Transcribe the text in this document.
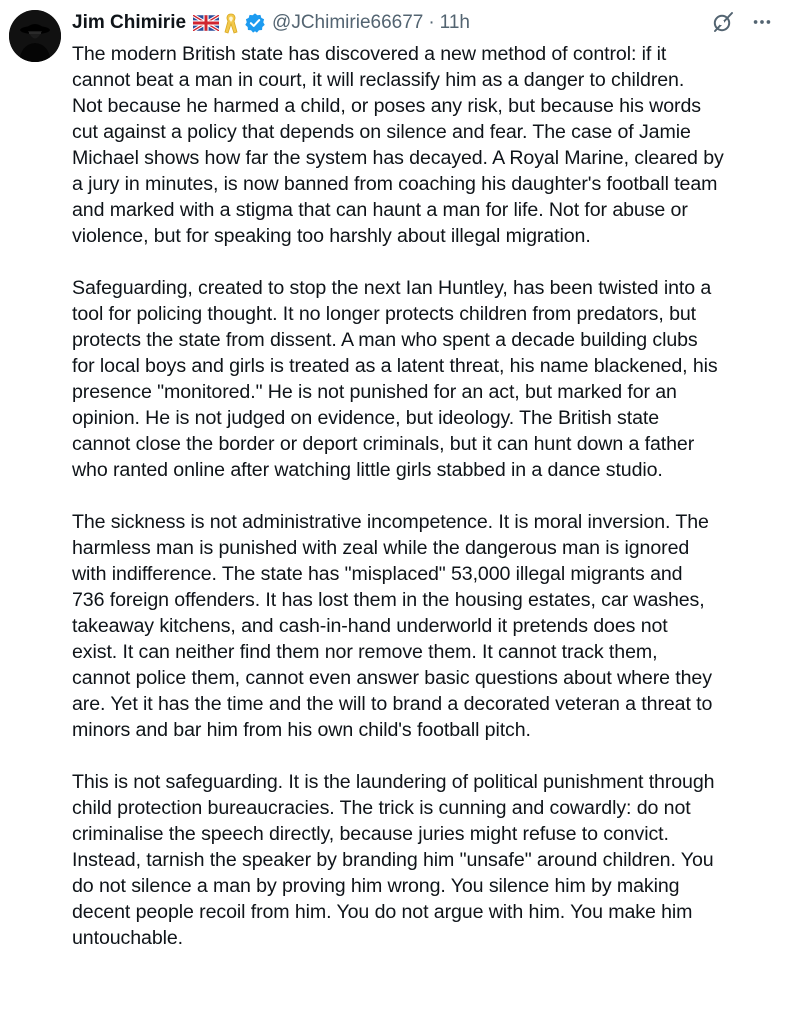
Jim Chimirie	@JChimirie66677 · 11h

The modern British state has discovered a new method of control: if it
cannot beat a man in court, it will reclassify him as a danger to children.
Not because he harmed a child, or poses any risk, but because his words
cut against a policy that depends on silence and fear. The case of Jamie
Michael shows how far the system has decayed. A Royal Marine, cleared by
a jury in minutes, is now banned from coaching his daughter's football team
and marked with a stigma that can haunt a man for life. Not for abuse or
violence, but for speaking too harshly about illegal migration.

Safeguarding, created to stop the next Ian Huntley, has been twisted into a
tool for policing thought. It no longer protects children from predators, but
protects the state from dissent. A man who spent a decade building clubs
for local boys and girls is treated as a latent threat, his name blackened, his
presence "monitored." He is not punished for an act, but marked for an
opinion. He is not judged on evidence, but ideology. The British state
cannot close the border or deport criminals, but it can hunt down a father
who ranted online after watching little girls stabbed in a dance studio.

The sickness is not administrative incompetence. It is moral inversion. The
harmless man is punished with zeal while the dangerous man is ignored
with indifference. The state has "misplaced" 53,000 illegal migrants and
736 foreign offenders. It has lost them in the housing estates, car washes,
takeaway kitchens, and cash-in-hand underworld it pretends does not
exist. It can neither find them nor remove them. It cannot track them,
cannot police them, cannot even answer basic questions about where they
are. Yet it has the time and the will to brand a decorated veteran a threat to
minors and bar him from his own child's football pitch.

This is not safeguarding. It is the laundering of political punishment through
child protection bureaucracies. The trick is cunning and cowardly: do not
criminalise the speech directly, because juries might refuse to convict.
Instead, tarnish the speaker by branding him "unsafe" around children. You
do not silence a man by proving him wrong. You silence him by making
decent people recoil from him. You do not argue with him. You make him
untouchable.
